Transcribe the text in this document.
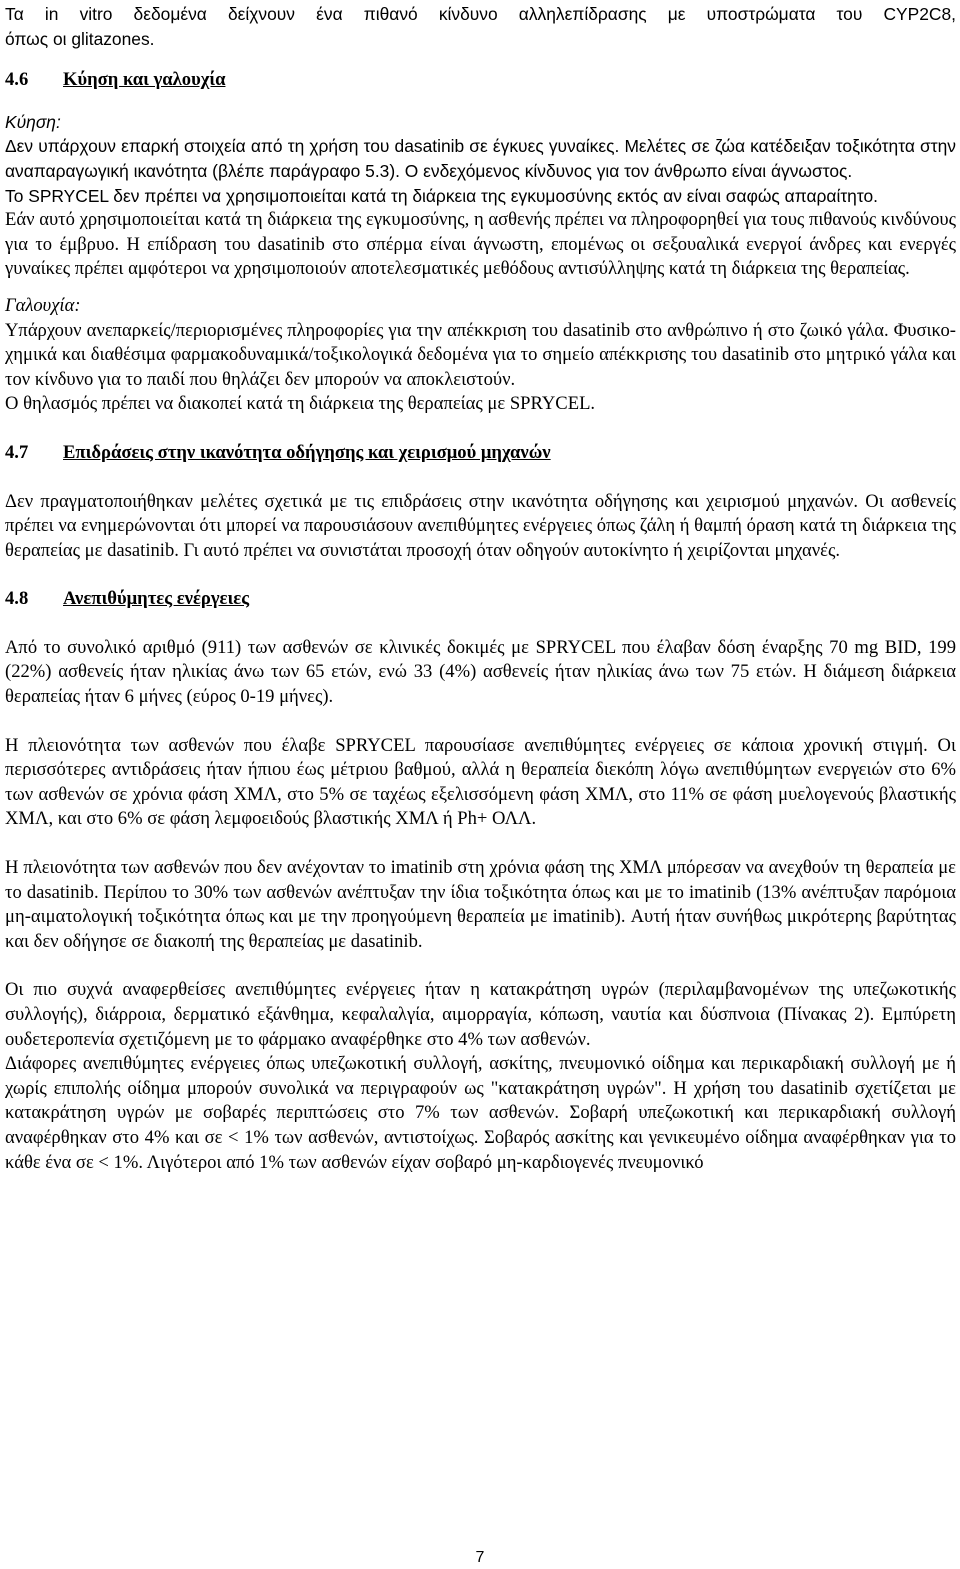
Τα in vitro δεδομένα δείχνουν ένα πιθανό κίνδυνο αλληλεπίδρασης με υποστρώματα του CYP2C8,

όπως οι glitazones.

4.6 Κύηση και γαλουχία

Κύηση:

Δεν υπάρχουν επαρκή στοιχεία από τη χρήση του dasatinib σε έγκυες γυναίκες. Μελέτες σε ζώα κατέδειξαν τοξικότητα στην αναπαραγωγική ικανότητα (βλέπε παράγραφο 5.3). Ο ενδεχόμενος κίνδυνος για τον άνθρωπο είναι άγνωστος.

Το SPRYCEL δεν πρέπει να χρησιμοποιείται κατά τη διάρκεια της εγκυμοσύνης εκτός αν είναι σαφώς απαραίτητο.

Εάν αυτό χρησιμοποιείται κατά τη διάρκεια της εγκυμοσύνης, η ασθενής πρέπει να πληροφορηθεί για τους πιθανούς κινδύνους για το έμβρυο. Η επίδραση του dasatinib στο σπέρμα είναι άγνωστη, επομένως οι σεξουαλικά ενεργοί άνδρες και ενεργές γυναίκες πρέπει αμφότεροι να χρησιμοποιούν αποτελεσματικές μεθόδους αντισύλληψης κατά τη διάρκεια της θεραπείας.

Γαλουχία:

Υπάρχουν ανεπαρκείς/περιορισμένες πληροφορίες για την απέκκριση του dasatinib στο ανθρώπινο ή στο ζωικό γάλα. Φυσικο-χημικά και διαθέσιμα φαρμακοδυναμικά/τοξικολογικά δεδομένα για το σημείο απέκκρισης του dasatinib στο μητρικό γάλα και τον κίνδυνο για το παιδί που θηλάζει δεν μπορούν να αποκλειστούν.

Ο θηλασμός πρέπει να διακοπεί κατά τη διάρκεια της θεραπείας με SPRYCEL.

4.7 Επιδράσεις στην ικανότητα οδήγησης και χειρισμού μηχανών

Δεν πραγματοποιήθηκαν μελέτες σχετικά με τις επιδράσεις στην ικανότητα οδήγησης και χειρισμού μηχανών. Οι ασθενείς πρέπει να ενημερώνονται ότι μπορεί να παρουσιάσουν ανεπιθύμητες ενέργειες όπως ζάλη ή θαμπή όραση κατά τη διάρκεια της θεραπείας με dasatinib. Γι αυτό πρέπει να συνιστάται προσοχή όταν οδηγούν αυτοκίνητο ή χειρίζονται μηχανές.

4.8 Ανεπιθύμητες ενέργειες

Από το συνολικό αριθμό (911) των ασθενών σε κλινικές δοκιμές με SPRYCEL που έλαβαν δόση έναρξης 70 mg BID, 199 (22%) ασθενείς ήταν ηλικίας άνω των 65 ετών, ενώ 33 (4%) ασθενείς ήταν ηλικίας άνω των 75 ετών. Η διάμεση διάρκεια θεραπείας ήταν 6 μήνες (εύρος 0-19 μήνες).

Η πλειονότητα των ασθενών που έλαβε SPRYCEL παρουσίασε ανεπιθύμητες ενέργειες σε κάποια χρονική στιγμή. Οι περισσότερες αντιδράσεις ήταν ήπιου έως μέτριου βαθμού, αλλά η θεραπεία διεκόπη λόγω ανεπιθύμητων ενεργειών στο 6% των ασθενών σε χρόνια φάση ΧΜΛ, στο 5% σε ταχέως εξελισσόμενη φάση ΧΜΛ, στο 11% σε φάση μυελογενούς βλαστικής ΧΜΛ, και στο 6% σε φάση λεμφοειδούς βλαστικής ΧΜΛ ή Ph+ ΟΛΛ.

Η πλειονότητα των ασθενών που δεν ανέχονταν το imatinib στη χρόνια φάση της ΧΜΛ μπόρεσαν να ανεχθούν τη θεραπεία με το dasatinib. Περίπου το 30% των ασθενών ανέπτυξαν την ίδια τοξικότητα όπως και με το imatinib (13% ανέπτυξαν παρόμοια μη-αιματολογική τοξικότητα όπως και με την προηγούμενη θεραπεία με imatinib). Αυτή ήταν συνήθως μικρότερης βαρύτητας και δεν οδήγησε σε διακοπή της θεραπείας με dasatinib.

Οι πιο συχνά αναφερθείσες ανεπιθύμητες ενέργειες ήταν η κατακράτηση υγρών (περιλαμβανομένων της υπεζωκοτικής συλλογής), διάρροια, δερματικό εξάνθημα, κεφαλαλγία, αιμορραγία, κόπωση, ναυτία και δύσπνοια (Πίνακας 2). Εμπύρετη ουδετεροπενία σχετιζόμενη με το φάρμακο αναφέρθηκε στο 4% των ασθενών.

Διάφορες ανεπιθύμητες ενέργειες όπως υπεζωκοτική συλλογή, ασκίτης, πνευμονικό οίδημα και περικαρδιακή συλλογή με ή χωρίς επιπολής οίδημα μπορούν συνολικά να περιγραφούν ως "κατακράτηση υγρών". Η χρήση του dasatinib σχετίζεται με κατακράτηση υγρών με σοβαρές περιπτώσεις στο 7% των ασθενών. Σοβαρή υπεζωκοτική και περικαρδιακή συλλογή αναφέρθηκαν στο 4% και σε < 1% των ασθενών, αντιστοίχως. Σοβαρός ασκίτης και γενικευμένο οίδημα αναφέρθηκαν για το κάθε ένα σε < 1%. Λιγότεροι από 1% των ασθενών είχαν σοβαρό μη-καρδιογενές πνευμονικό

7
